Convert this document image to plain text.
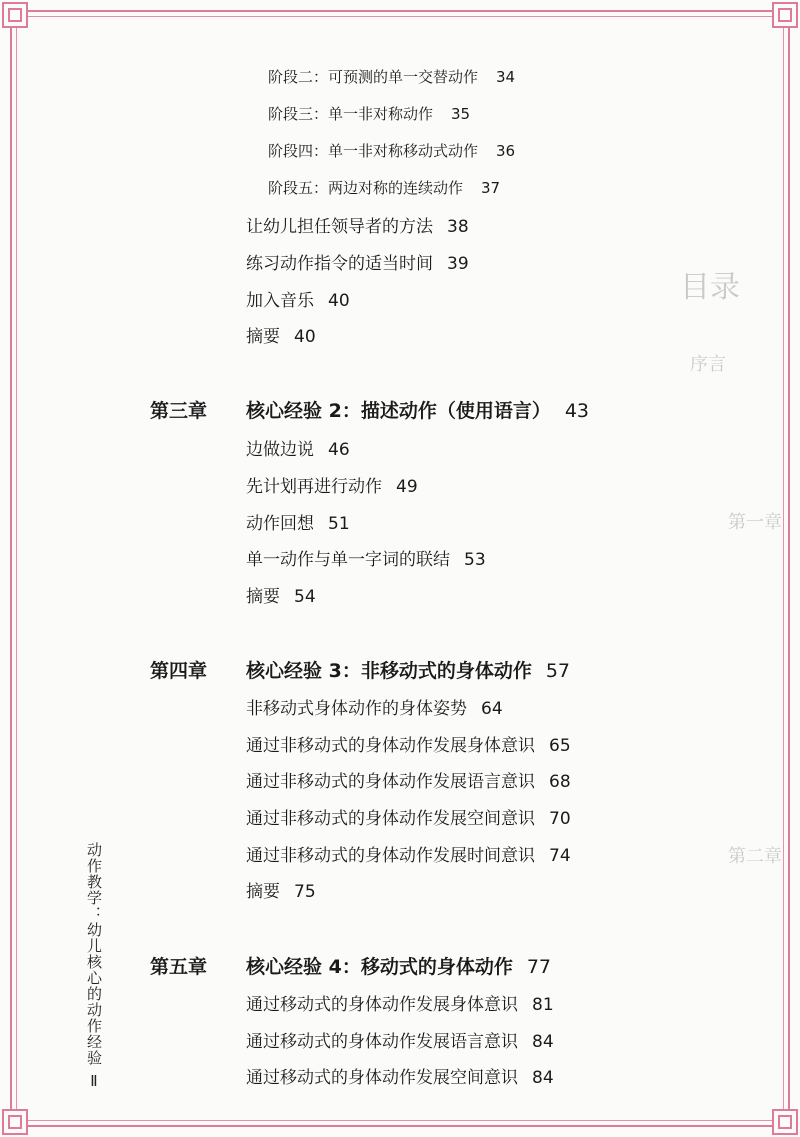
目录
序言
第一章
第二章
动作教学：幼儿核心的动作经验 Ⅱ
阶段二：可预测的单一交替动作 34
阶段三：单一非对称动作 35
阶段四：单一非对称移动式动作 36
阶段五：两边对称的连续动作 37
让幼儿担任领导者的方法 38
练习动作指令的适当时间 39
加入音乐 40
摘要 40
第三章 核心经验 2：描述动作（使用语言） 43
边做边说 46
先计划再进行动作 49
动作回想 51
单一动作与单一字词的联结 53
摘要 54
第四章 核心经验 3：非移动式的身体动作 57
非移动式身体动作的身体姿势 64
通过非移动式的身体动作发展身体意识 65
通过非移动式的身体动作发展语言意识 68
通过非移动式的身体动作发展空间意识 70
通过非移动式的身体动作发展时间意识 74
摘要 75
第五章 核心经验 4：移动式的身体动作 77
通过移动式的身体动作发展身体意识 81
通过移动式的身体动作发展语言意识 84
通过移动式的身体动作发展空间意识 84
